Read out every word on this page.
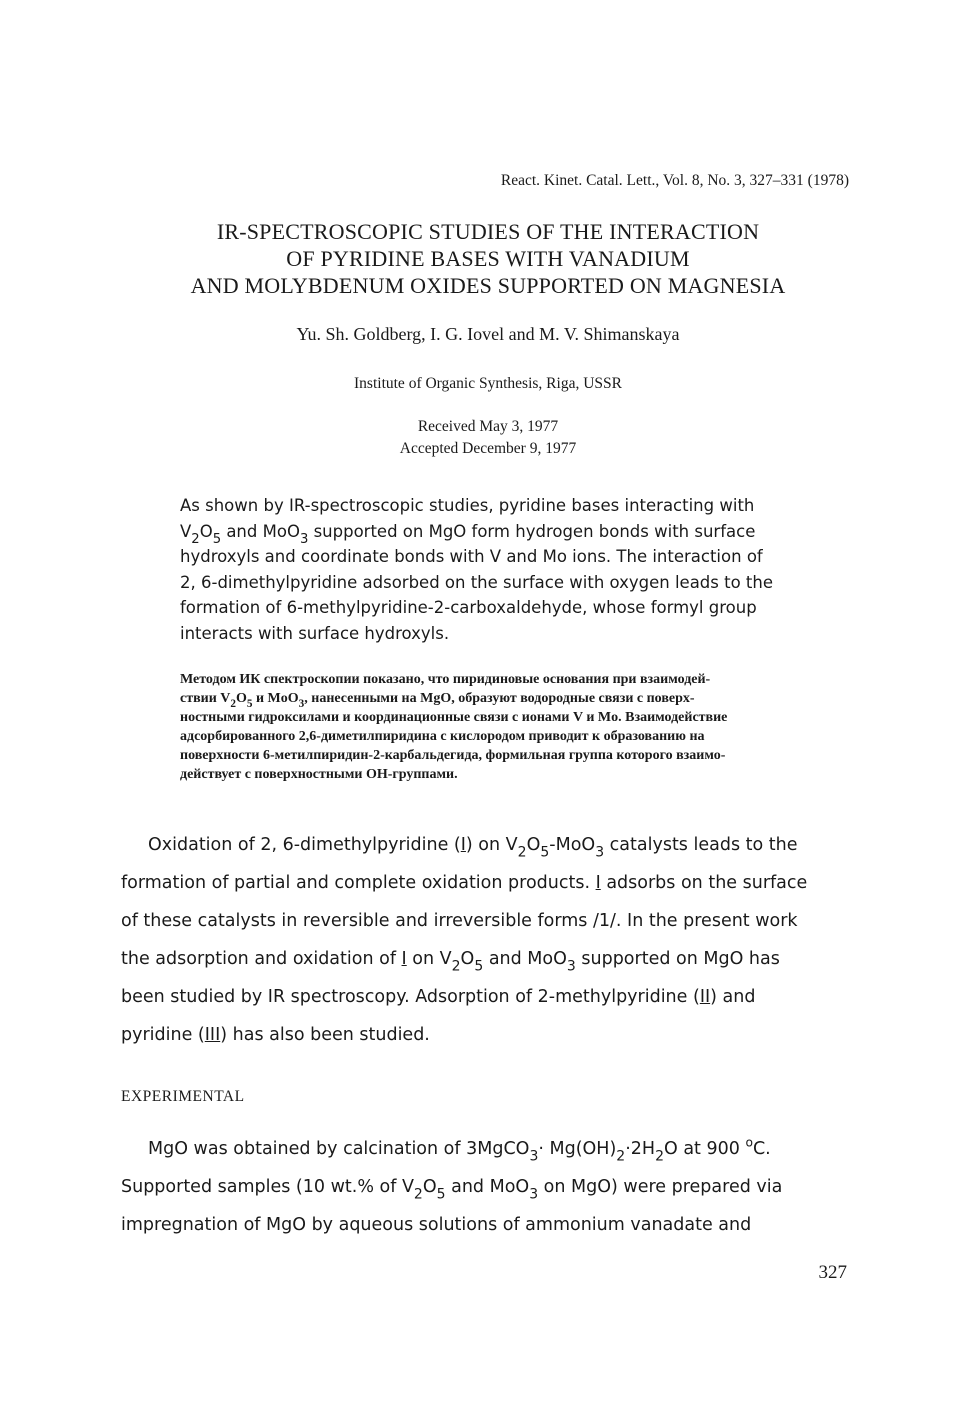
React. Kinet. Catal. Lett., Vol. 8, No. 3, 327–331 (1978)
IR-SPECTROSCOPIC STUDIES OF THE INTERACTION
OF PYRIDINE BASES WITH VANADIUM
AND MOLYBDENUM OXIDES SUPPORTED ON MAGNESIA
Yu. Sh. Goldberg, I. G. Iovel and M. V. Shimanskaya
Institute of Organic Synthesis, Riga, USSR
Received May 3, 1977
Accepted December 9, 1977
As shown by IR-spectroscopic studies, pyridine bases interacting with
$V_2O_5$ and MoO$_3$ supported on MgO form hydrogen bonds with surface
hydroxyls and coordinate bonds with V and Mo ions. The interaction of
2, 6-dimethylpyridine adsorbed on the surface with oxygen leads to the
formation of 6-methylpyridine-2-carboxaldehyde, whose formyl group
interacts with surface hydroxyls.
Методом ИК спектроскопии показано, что пиридиновые основания при взаимодей-
ствии $V_2O_5$ и MoO$_3$, нанесенными на MgO, образуют водородные связи с поверх-
ностными гидроксилами и координационные связи с ионами V и Mo. Взаимодействие
адсорбированного 2,6-диметилпиридина с кислородом приводит к образованию на
поверхности 6-метилпиридин-2-карбальдегида, формильная группа которого взаимо-
действует с поверхностными ОН-группами.
Oxidation of 2, 6-dimethylpyridine (I) on $V_2O_5-MoO_3$ catalysts leads to the
formation of partial and complete oxidation products. I adsorbs on the surface
of these catalysts in reversible and irreversible forms /1/. In the present work
the adsorption and oxidation of I on $V_2O_5$ and MoO$_3$ supported on MgO has
been studied by IR spectroscopy. Adsorption of 2-methylpyridine (II) and
pyridine (III) has also been studied.
EXPERIMENTAL
MgO was obtained by calcination of 3MgCO$_3$· $Mg(OH)_2\cdot 2H_2O$ at 900 $^o$C.
Supported samples (10 wt.% of $V_2O_5$ and MoO$_3$ on MgO) were prepared via
impregnation of MgO by aqueous solutions of ammonium vanadate and
327
